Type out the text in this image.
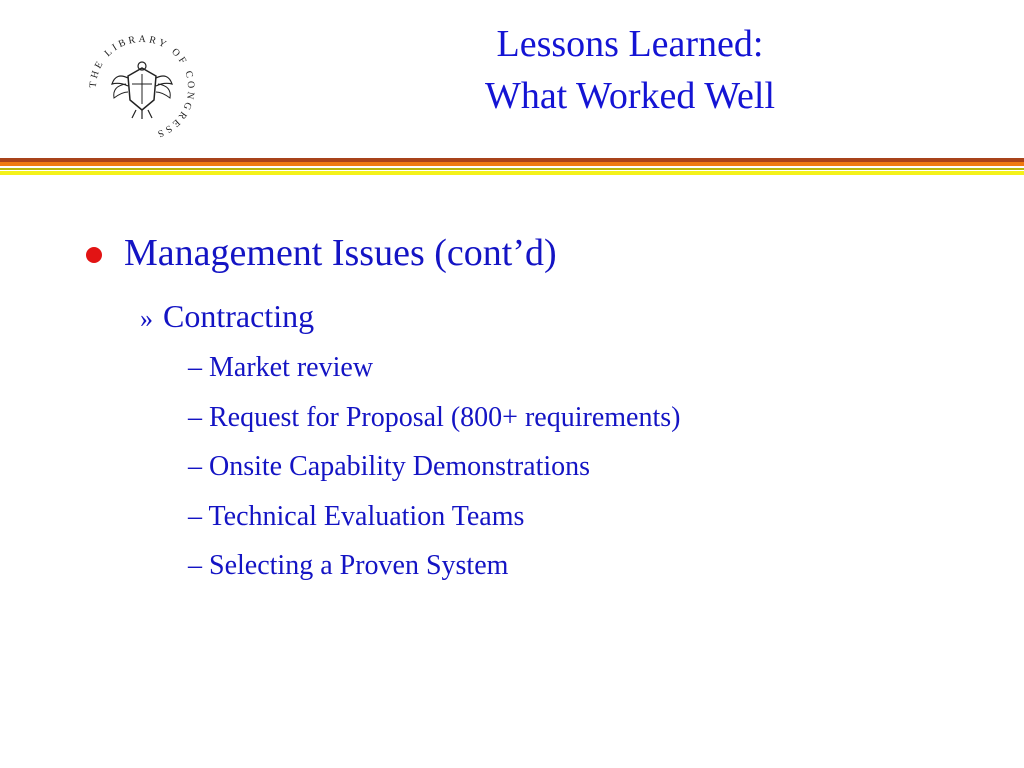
THE LIBRARY OF CONGRESS
Lessons Learned:
What Worked Well
Management Issues (cont’d)
» Contracting
– Market review
– Request for Proposal (800+ requirements)
– Onsite Capability Demonstrations
– Technical Evaluation Teams
– Selecting a Proven System
